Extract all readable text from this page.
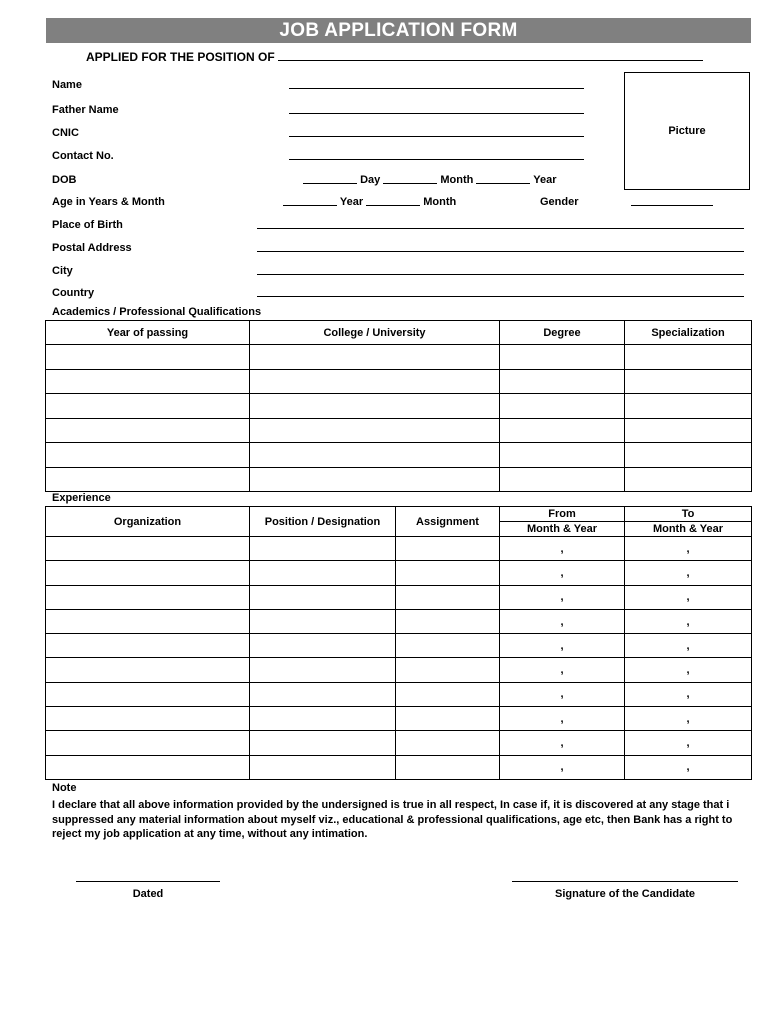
JOB APPLICATION FORM
APPLIED FOR THE POSITION OF
Name
Father Name
CNIC
Contact No.
DOB	Day	Month	Year
Age in Years & Month	Year	Month	Gender
Place of Birth
Postal Address
City
Country
Picture
Academics / Professional Qualifications
Year of passing	College / University	Degree	Specialization

Experience
Organization	Position / Designation	Assignment	From	To
			Month & Year	Month & Year
			,	,
			,	,
			,	,
			,	,
			,	,
			,	,
			,	,
			,	,
			,	,
			,	,
Note
I declare that all above information provided by the undersigned is true in all respect, In case if, it is discovered at any stage that i suppressed any material information about myself viz., educational & professional qualifications, age etc, then Bank has a right to reject my job application at any time, without any intimation.
Dated	Signature of the Candidate
